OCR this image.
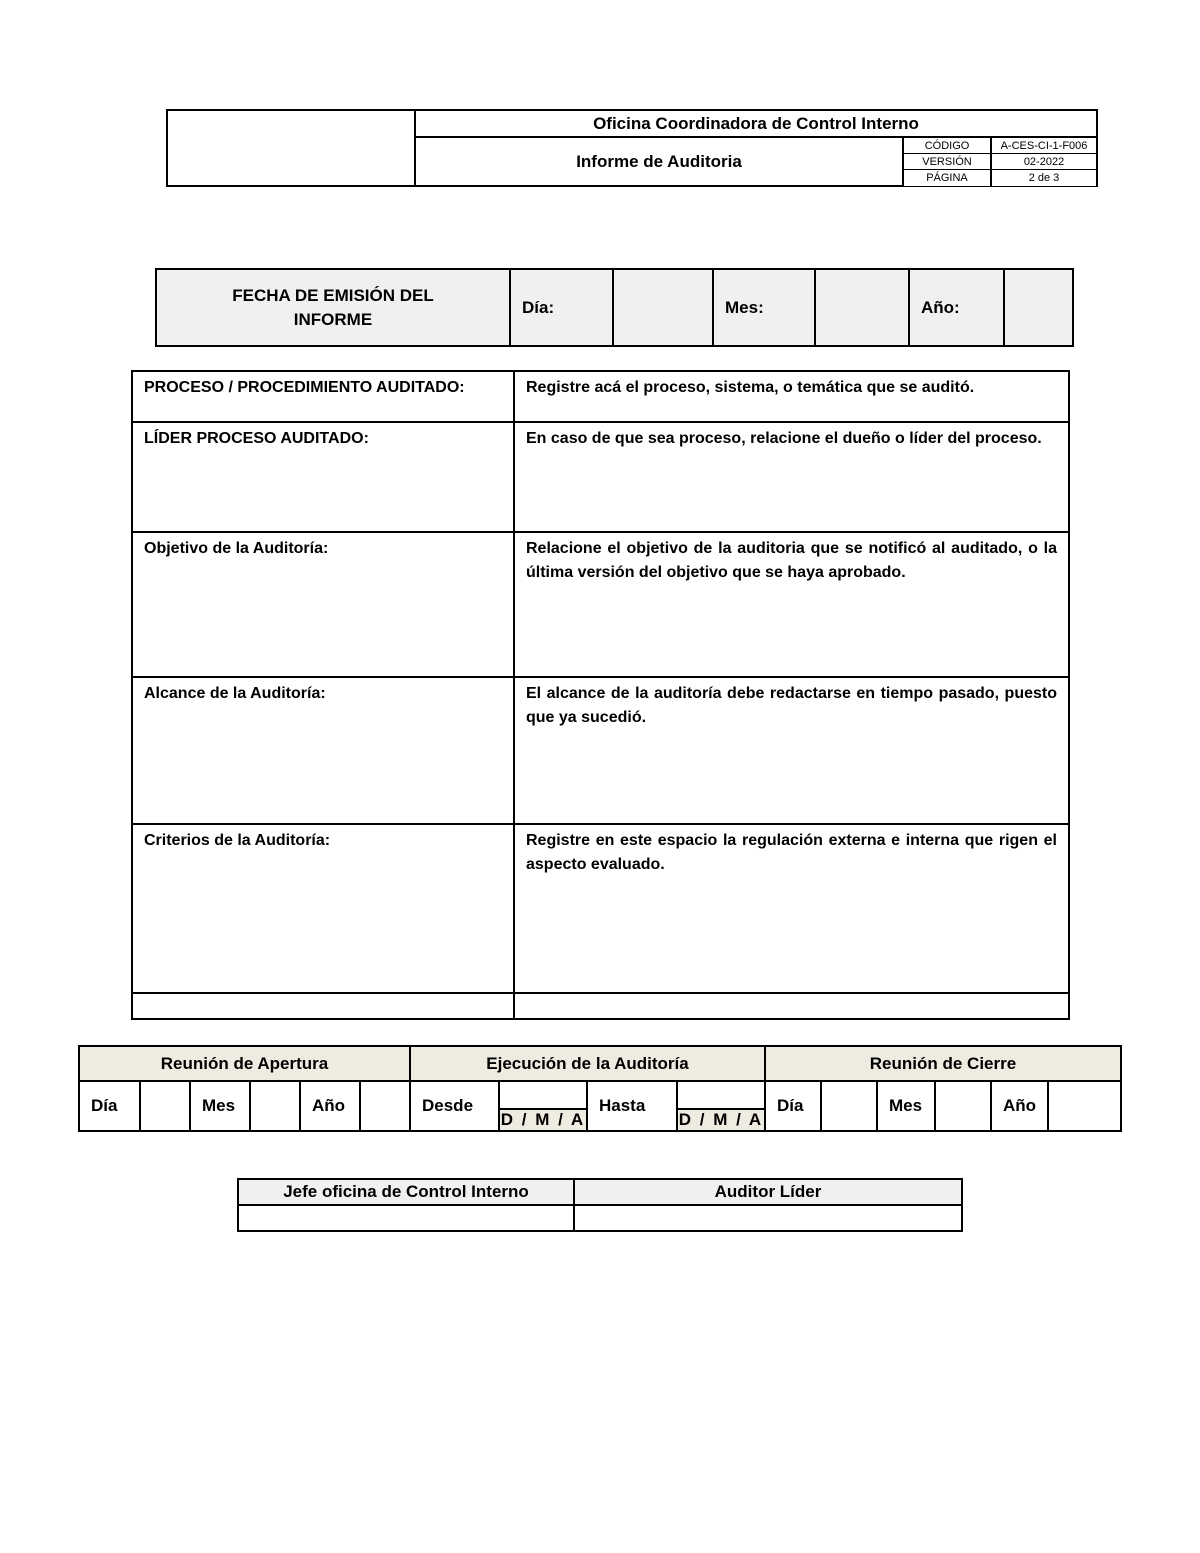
	Oficina Coordinadora de Control Interno		
	Informe de Auditoria	CÓDIGO	A-CES-CI-1-F006
		VERSIÓN	02-2022
		PÁGINA	2 de 3
FECHA DE EMISIÓN DEL INFORME	Día:		Mes:		Año:	
PROCESO / PROCEDIMIENTO AUDITADO:	Registre acá el proceso, sistema, o temática que se auditó.
LÍDER PROCESO AUDITADO:	En caso de que sea proceso, relacione el dueño o líder del proceso.
Objetivo de la Auditoría:	Relacione el objetivo de la auditoria que se notificó al auditado, o la última versión del objetivo que se haya aprobado.
Alcance de la Auditoría:	El alcance de la auditoría debe redactarse en tiempo pasado, puesto que ya sucedió.
Criterios de la Auditoría:	Registre en este espacio la regulación externa e interna que rigen el aspecto evaluado.

Reunión de Apertura						Ejecución de la Auditoría				Reunión de Cierre					
Día		Mes		Año		Desde	D / M / A	Hasta	D / M / A	Día		Mes		Año	
Jefe oficina de Control Interno	Auditor Líder
